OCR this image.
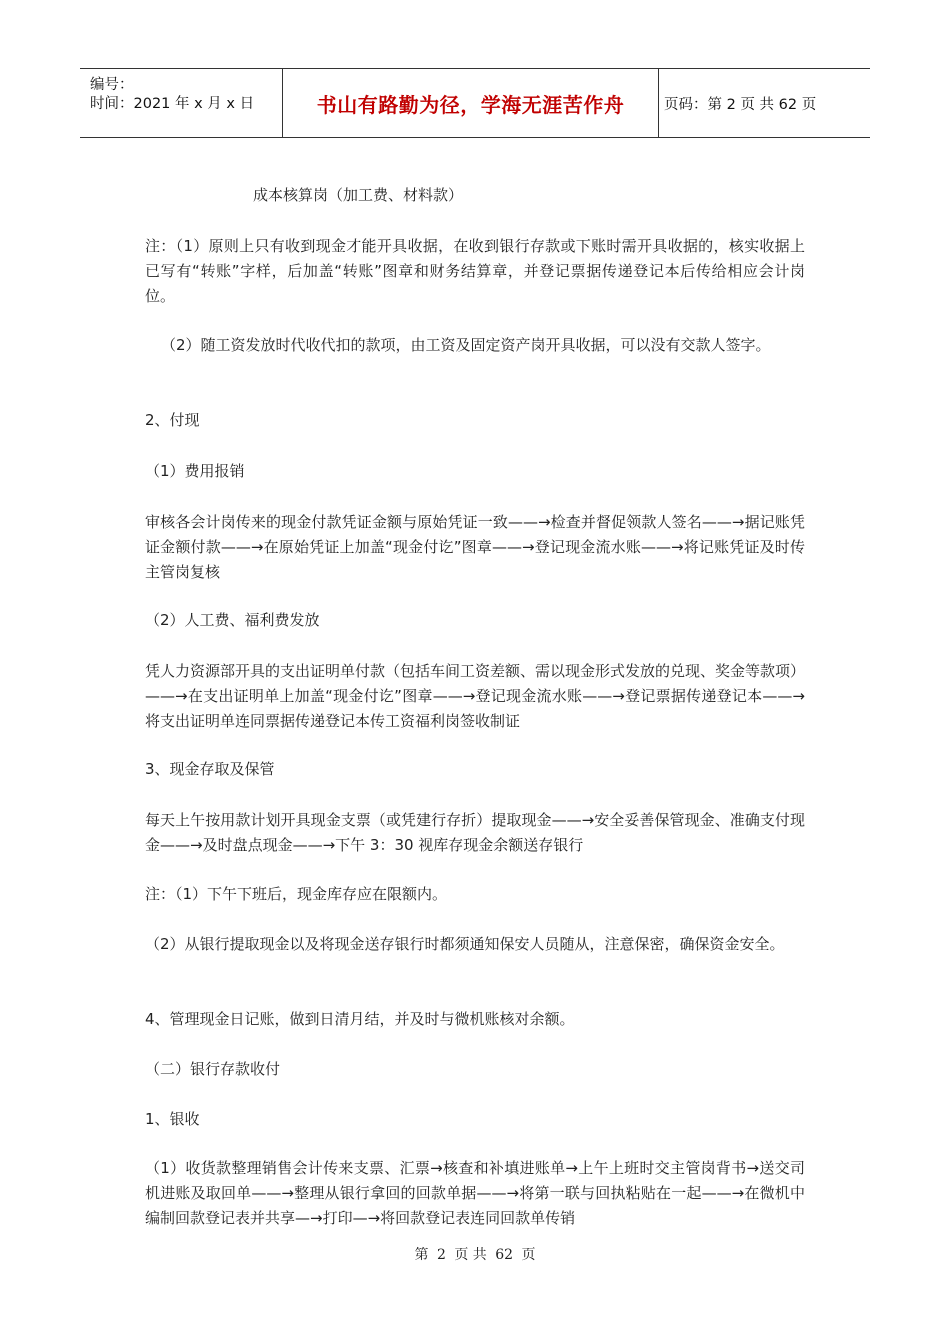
编号：
时间：2021 年 x 月 x 日	书山有路勤为径，学海无涯苦作舟	页码：第 2 页 共 62 页
成本核算岗（加工费、材料款）
注：（1）原则上只有收到现金才能开具收据，在收到银行存款或下账时需开具收据的，核实收据上已写有“转账”字样，后加盖“转账”图章和财务结算章，并登记票据传递登记本后传给相应会计岗位。
（2）随工资发放时代收代扣的款项，由工资及固定资产岗开具收据，可以没有交款人签字。
2、付现
（1）费用报销
审核各会计岗传来的现金付款凭证金额与原始凭证一致——→检查并督促领款人签名——→据记账凭证金额付款——→在原始凭证上加盖“现金付讫”图章——→登记现金流水账——→将记账凭证及时传主管岗复核
（2）人工费、福利费发放
凭人力资源部开具的支出证明单付款（包括车间工资差额、需以现金形式发放的兑现、奖金等款项）——→在支出证明单上加盖“现金付讫”图章——→登记现金流水账——→登记票据传递登记本——→将支出证明单连同票据传递登记本传工资福利岗签收制证
3、现金存取及保管
每天上午按用款计划开具现金支票（或凭建行存折）提取现金——→安全妥善保管现金、准确支付现金——→及时盘点现金——→下午 3：30 视库存现金余额送存银行
注：（1）下午下班后，现金库存应在限额内。
（2）从银行提取现金以及将现金送存银行时都须通知保安人员随从，注意保密，确保资金安全。
4、管理现金日记账，做到日清月结，并及时与微机账核对余额。
（二）银行存款收付
1、银收
（1）收货款整理销售会计传来支票、汇票→核查和补填进账单→上午上班时交主管岗背书→送交司机进账及取回单——→整理从银行拿回的回款单据——→将第一联与回执粘贴在一起——→在微机中编制回款登记表并共享—→打印—→将回款登记表连同回款单传销
第 2 页 共 62 页
